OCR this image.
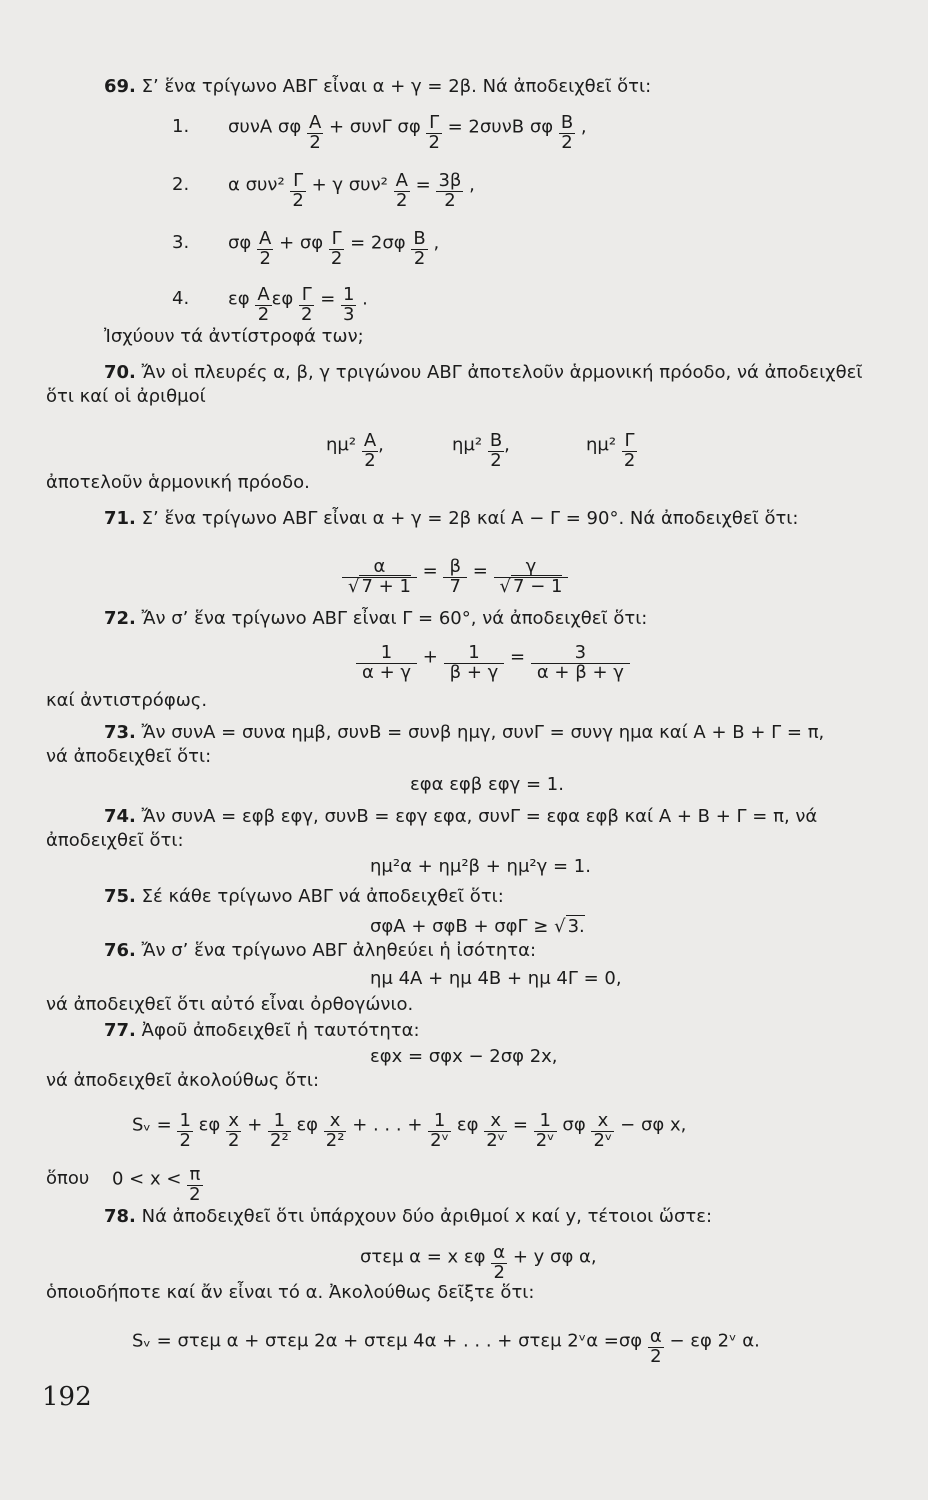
69. Σ’ ἕνα τρίγωνο ΑΒΓ εἶναι α + γ = 2β. Νά ἀποδειχθεῖ ὅτι:
1. συνΑ σφ $\frac{A}{2} + \sigma\upsilon\nu\Gamma$ σφ $\frac{\Gamma}{2} = 2\sigma\upsilon\nu B$ σφ $\frac{B}{2}$ ,
2. α $\sigma\upsilon\nu^2 \frac{\Gamma}{2} + \gamma$ $\sigma\upsilon\nu^2 \frac{A}{2} = \frac{3\beta}{2}$ ,
3. σφ $\frac{A}{2} + \sigma\varphi \frac{\Gamma}{2} = 2\sigma\varphi \frac{B}{2}$ ,
4. εφ $\frac{A}{2}$ εφ $\frac{\Gamma}{2} = \frac{1}{3}$ .
Ἰσχύουν τά ἀντίστροφά των;
70. Ἄν οἱ πλευρές α, β, γ τριγώνου ΑΒΓ ἀποτελοῦν ἁρμονική πρόοδο, νά ἀποδειχθεῖ
ὅτι καί οἱ ἀριθμοί
$\eta\mu^2 \frac{A}{2}$ ,	$\eta\mu^2 \frac{B}{2}$ ,	$\eta\mu^2 \frac{\Gamma}{2}$
ἀποτελοῦν ἁρμονική πρόοδο.
71. Σ’ ἕνα τρίγωνο ΑΒΓ εἶναι α + γ = 2β καί Α − Γ = 90°. Νά ἀποδειχθεῖ ὅτι:
$\frac{\alpha}{√ 7 + 1} = \frac{\beta}{7} = \frac{\gamma}{√ 7 - 1}$
72. Ἄν σ’ ἕνα τρίγωνο ΑΒΓ εἶναι Γ = 60°, νά ἀποδειχθεῖ ὅτι:
$\frac{1}{\alpha + \gamma} + \frac{1}{\beta + \gamma} = \frac{3}{\alpha + \beta + \gamma}$
καί ἀντιστρόφως.
73. Ἄν συνΑ = συνα ημβ, συνΒ = συνβ ημγ, συνΓ = συνγ ημα καί Α + Β + Γ = π,
νά ἀποδειχθεῖ ὅτι:
εφα εφβ εφγ = 1.
74. Ἄν συνΑ = εφβ εφγ, συνΒ = εφγ εφα, συνΓ = εφα εφβ καί Α + Β + Γ = π, νά
ἀποδειχθεῖ ὅτι:
ημ²α + ημ²β + ημ²γ = 1.
75. Σέ κάθε τρίγωνο ΑΒΓ νά ἀποδειχθεῖ ὅτι:
σφΑ + σφΒ + σφΓ ≥ √ 3.
76. Ἄν σ’ ἕνα τρίγωνο ΑΒΓ ἀληθεύει ἡ ἰσότητα:
ημ 4Α + ημ 4Β + ημ 4Γ = 0,
νά ἀποδειχθεῖ ὅτι αὐτό εἶναι ὀρθογώνιο.
77. Ἀφοῦ ἀποδειχθεῖ ἡ ταυτότητα:
εφx = σφx − 2σφ 2x,
νά ἀποδειχθεῖ ἀκολούθως ὅτι:
Sᵥ = $\frac{1}{2}$ εφ $\frac{x}{2} + \frac{1}{\text{2²}}$ εφ $\frac{x}{\text{2²}}$ + . . . + $\frac{1}{\text{2ᵛ}}$ εφ $\frac{x}{\text{2ᵛ}} = \frac{1}{\text{2ᵛ}}$ σφ $\frac{x}{\text{2ᵛ}} - \sigma\varphi$ x,
ὅπου $0 < x < \frac{\pi}{2}$
78. Νά ἀποδειχθεῖ ὅτι ὑπάρχουν δύο ἀριθμοί x καί y, τέτοιοι ὥστε:
στεμ α = x εφ $\frac{\alpha}{2} + y$ σφ α,
ὁποιοδήποτε καί ἄν εἶναι τό α. Ἀκολούθως δεῖξτε ὅτι:
Sᵥ = στεμ α + στεμ 2α + στεμ 4α + . . . + στεμ 2ᵛα $=\sigma\varphi \frac{\alpha}{2} - \varepsilon\varphi$ 2ᵛ α.
192
